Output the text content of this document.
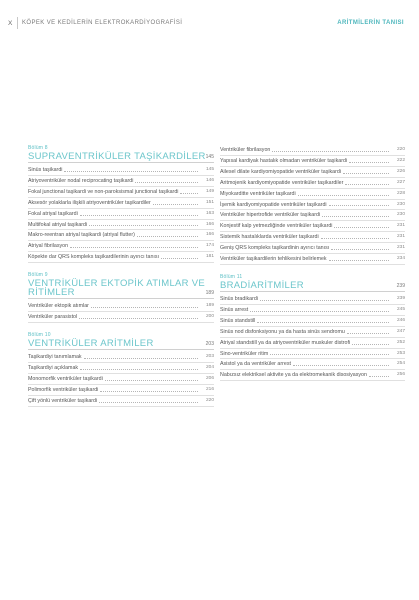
X KÖPEK VE KEDİLERİN ELEKTROKARDİYOGRAFİSİ	ARİTMİLERİN TANISI
Bölüm 8
SUPRAVENTRİKÜLER TAŞİKARDİLER 145
Sinüs taşikardi	145
Atriyoventriküler nodal reciprocating taşikardi	146
Fokal junctional taşikardi ve non-paroksismal junctional taşikardi	149
Aksesör yolaklarla ilişkili atriyoventriküler taşikardiler	151
Fokal atriyal taşikardi	163
Multifokal atriyal taşikardi	166
Makro-reentran atriyal taşikardi (atriyal flutter)	166
Atriyal fibrilasyon	174
Köpekte dar QRS kompleks taşikardilerinin ayırıcı tanısı	181
Bölüm 9
VENTRİKÜLER EKTOPİK ATIMLAR VE RİTİMLER	189
Ventriküler ektopik atımlar	189
Ventriküler parasistol	200
Bölüm 10
VENTRİKÜLER ARİTMİLER	203
Taşikardiyi tanımlamak	203
Taşikardiyi açıklamak	204
Monomorfik ventriküler taşikardi	206
Polimorfik ventriküler taşikardi	216
Çift yönlü ventriküler taşikardi	220
Ventriküler fibrilasyon	220
Yapısal kardiyak hastalık olmadan ventriküler taşikardi	222
Ailesel dilate kardiyomiyopatide ventriküler taşikardi	226
Aritmojenik kardiyomiyopatide ventriküler taşikardiler	227
Miyokarditte ventriküler taşikardi	228
İşemik kardiyomiyopatide ventriküler taşikardi	230
Ventriküler hipertrofide ventriküler taşikardi	230
Konjestif kalp yetmezliğinde ventriküler taşikardi	231
Sistemik hastalıklarda ventriküler taşikardi	231
Geniş QRS kompleks taşikardinin ayırıcı tanısı	231
Ventriküler taşikardilerin tehlikesini belirlemek	234
Bölüm 11
BRADİARİTMİLER	239
Sinüs bradikardi	239
Sinüs arrest	245
Sinüs standstill	246
Sinüs nod disfonksiyonu ya da hasta sinüs sendromu	247
Atriyal standstill ya da atriyoventriküler muskuler distrofi	252
Sino-ventriküler ritim	253
Asistol ya da ventriküler arrest	254
Nabızsız elektriksel aktivite ya da elektromekanik disosiyasyon	256
